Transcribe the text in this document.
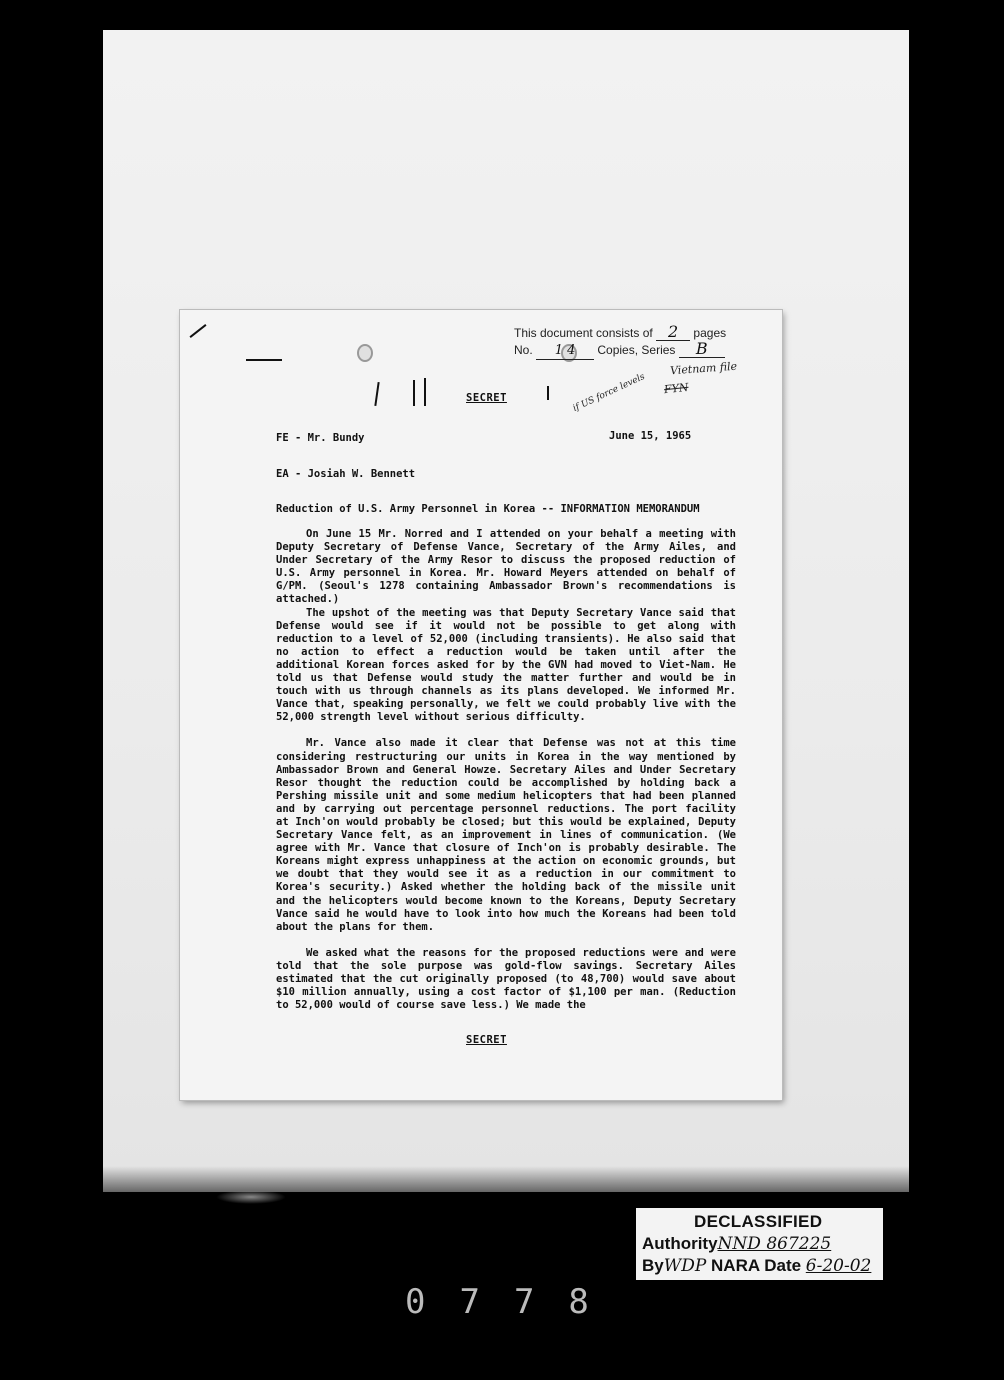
This document consists of 2 pages
No. 1 4 Copies, Series B
SECRET	if US force levels
Vietnam file
FYN
FE - Mr. Bundy	June 15, 1965
EA - Josiah W. Bennett
Reduction of U.S. Army Personnel in Korea -- INFORMATION MEMORANDUM

On June 15 Mr. Norred and I attended on your behalf a meeting with Deputy Secretary of Defense Vance, Secretary of the Army Ailes, and Under Secretary of the Army Resor to discuss the proposed reduction of U.S. Army personnel in Korea. Mr. Howard Meyers attended on behalf of G/PM. (Seoul's 1278 containing Ambassador Brown's recommendations is attached.)

The upshot of the meeting was that Deputy Secretary Vance said that Defense would see if it would not be possible to get along with reduction to a level of 52,000 (including transients). He also said that no action to effect a reduction would be taken until after the additional Korean forces asked for by the GVN had moved to Viet-Nam. He told us that Defense would study the matter further and would be in touch with us through channels as its plans developed. We informed Mr. Vance that, speaking personally, we felt we could probably live with the 52,000 strength level without serious difficulty.

Mr. Vance also made it clear that Defense was not at this time considering restructuring our units in Korea in the way mentioned by Ambassador Brown and General Howze. Secretary Ailes and Under Secretary Resor thought the reduction could be accomplished by holding back a Pershing missile unit and some medium helicopters that had been planned and by carrying out percentage personnel reductions. The port facility at Inch'on would probably be closed; but this would be explained, Deputy Secretary Vance felt, as an improvement in lines of communication. (We agree with Mr. Vance that closure of Inch'on is probably desirable. The Koreans might express unhappiness at the action on economic grounds, but we doubt that they would see it as a reduction in our commitment to Korea's security.) Asked whether the holding back of the missile unit and the helicopters would become known to the Koreans, Deputy Secretary Vance said he would have to look into how much the Koreans had been told about the plans for them.

We asked what the reasons for the proposed reductions were and were told that the sole purpose was gold-flow savings. Secretary Ailes estimated that the cut originally proposed (to 48,700) would save about $10 million annually, using a cost factor of $1,100 per man. (Reduction to 52,000 would of course save less.) We made the

SECRET
DECLASSIFIED
AuthorityNND 867225
ByWDP NARA Date 6-20-02
0778
